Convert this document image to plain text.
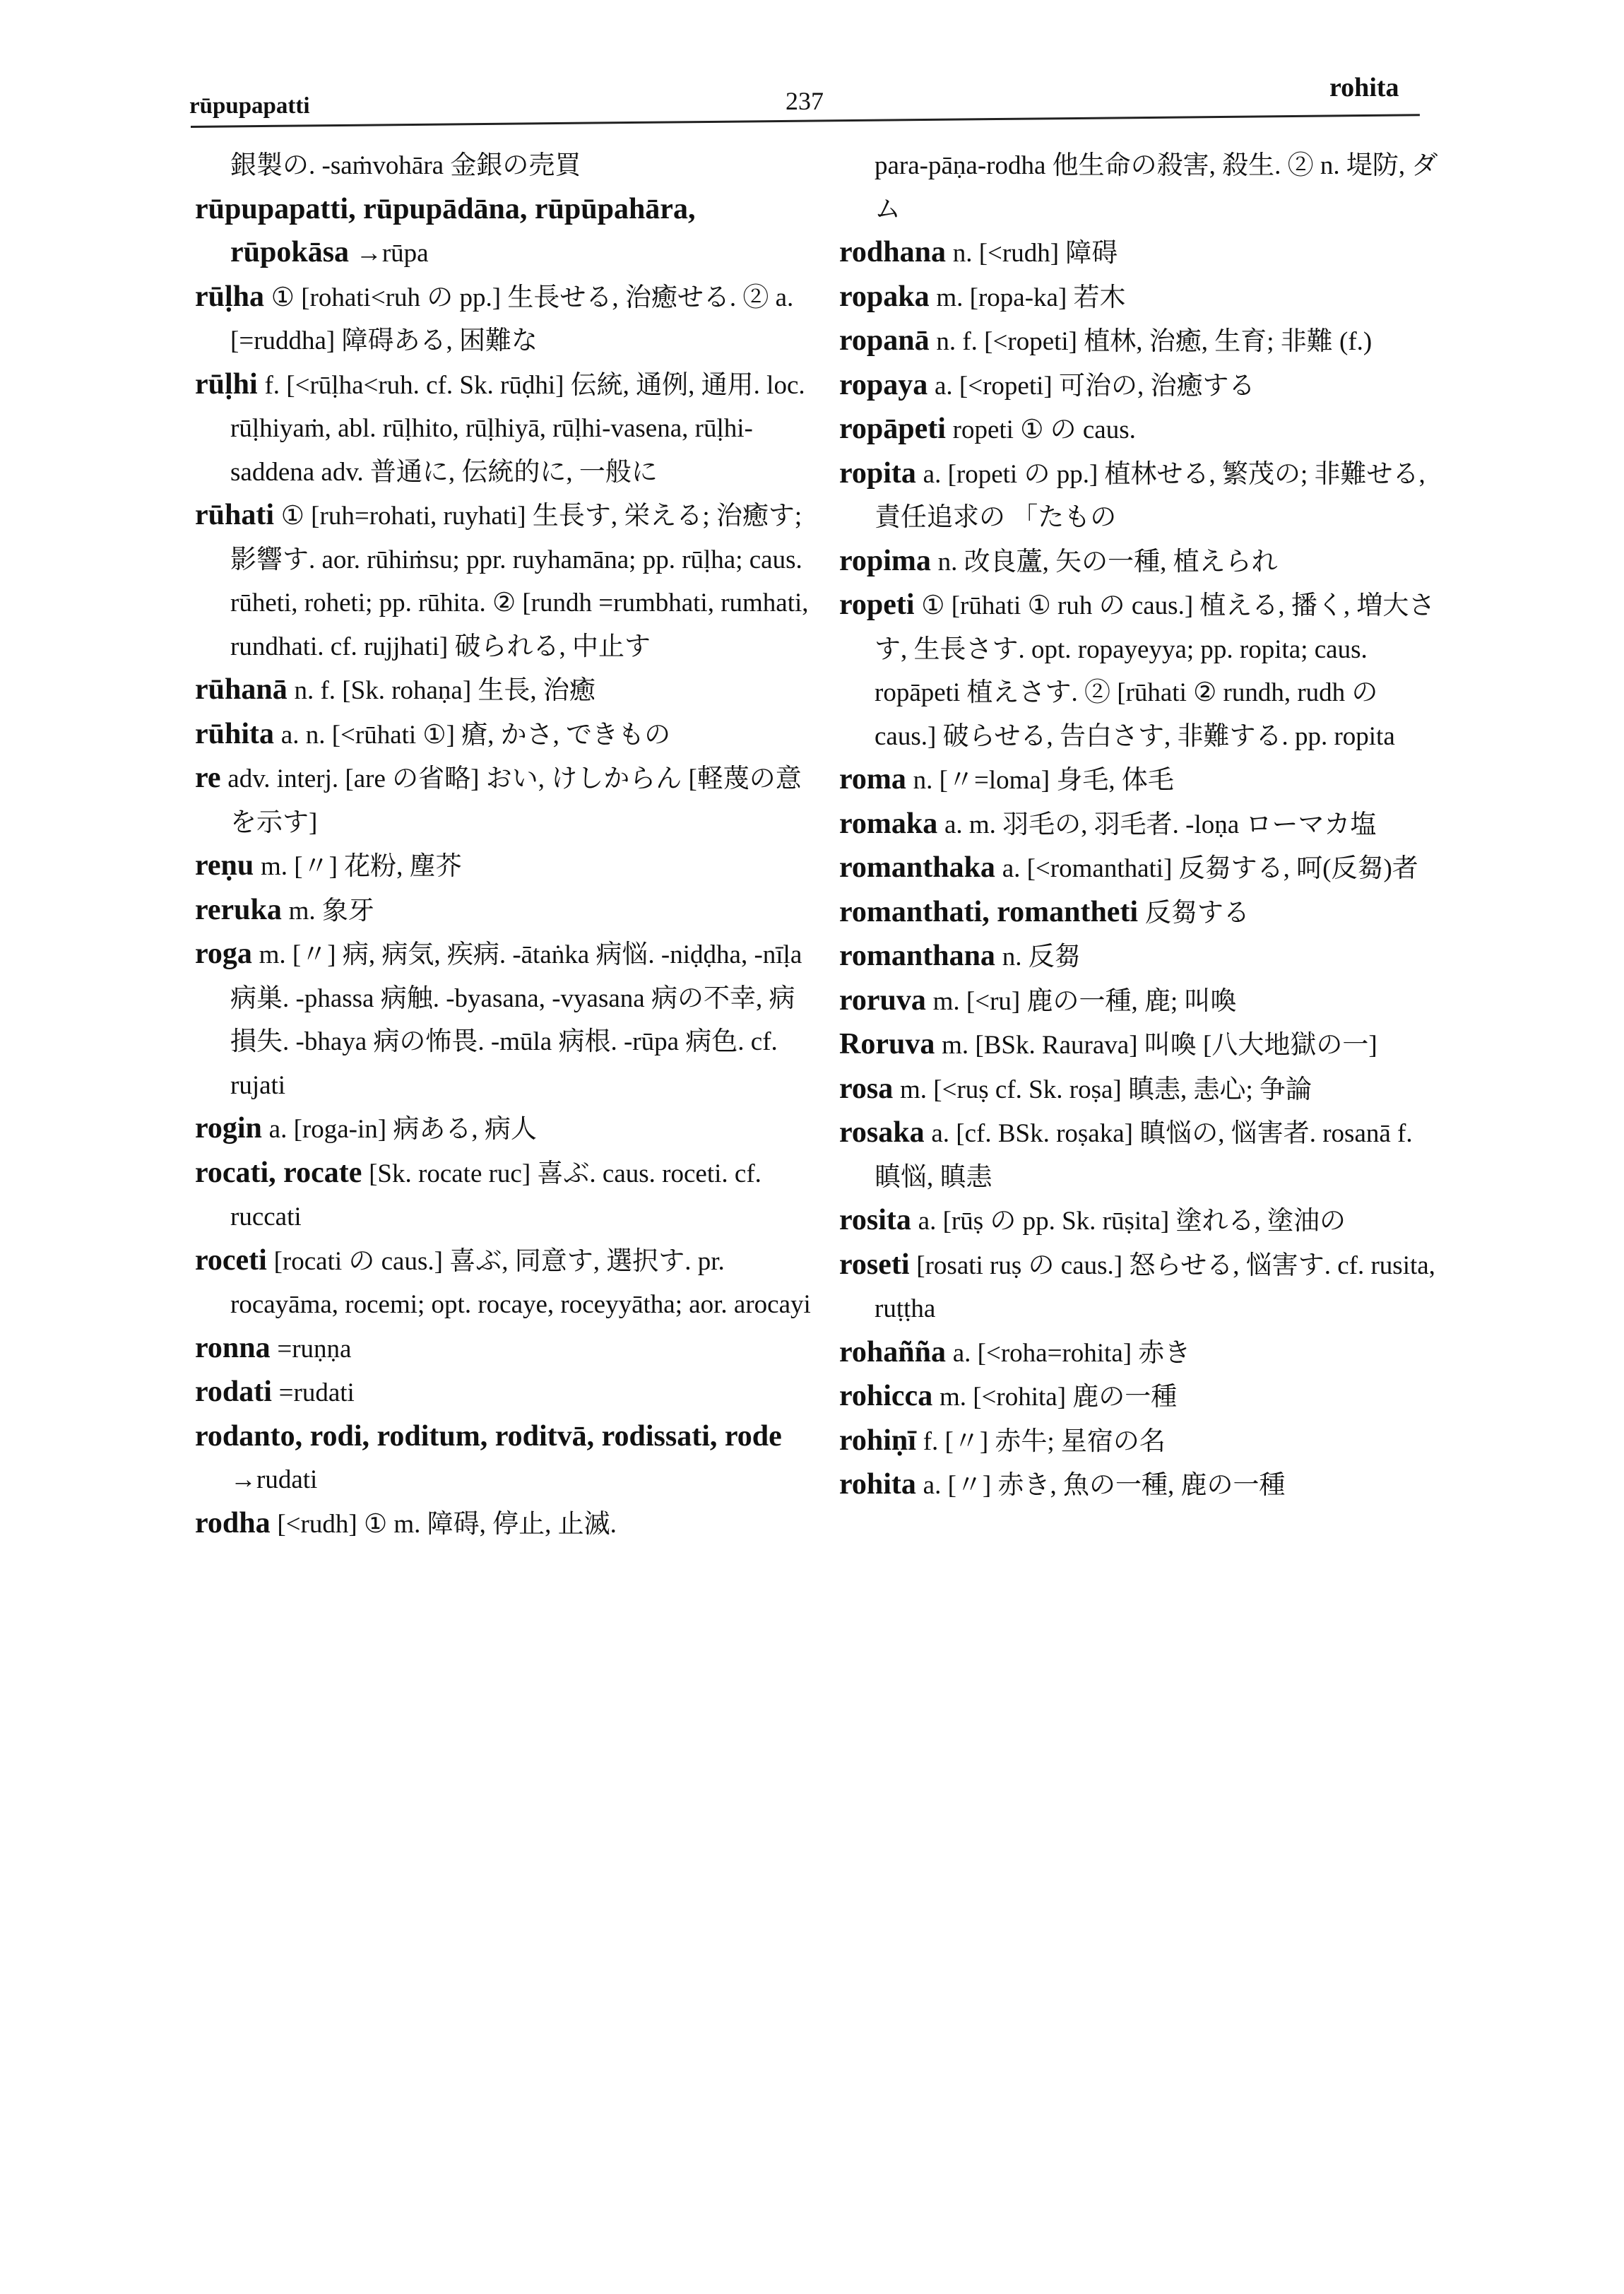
rūpupapatti	237	rohita

銀製の. -saṁvohāra 金銀の売買

rūpupapatti, rūpupādāna, rūpūpahāra, rūpokāsa →rūpa

rūḷha ① [rohati<ruh の pp.] 生長せる, 治癒せる. ② a. [=ruddha] 障碍ある, 困難な

rūḷhi f. [<rūḷha<ruh. cf. Sk. rūḍhi] 伝統, 通例, 通用. loc. rūḷhiyaṁ, abl. rūḷhito, rūḷhiyā, rūḷhi-vasena, rūḷhi-saddena adv. 普通に, 伝統的に, 一般に

rūhati ① [ruh=rohati, ruyhati] 生長す, 栄える; 治癒す; 影響す. aor. rūhiṁsu; ppr. ruyhamāna; pp. rūḷha; caus. rūheti, roheti; pp. rūhita. ② [rundh =rumbhati, rumhati, rundhati. cf. rujjhati] 破られる, 中止す

rūhanā n. f. [Sk. rohaṇa] 生長, 治癒

rūhita a. n. [<rūhati ①] 瘡, かさ, できもの

re adv. interj. [are の省略] おい, けしからん [軽蔑の意を示す]

reṇu m. [〃] 花粉, 塵芥

reruka m. 象牙

roga m. [〃] 病, 病気, 疾病. -ātaṅka 病悩. -niḍḍha, -nīḷa 病巣. -phassa 病触. -byasana, -vyasana 病の不幸, 病損失. -bhaya 病の怖畏. -mūla 病根. -rūpa 病色. cf. rujati

rogin a. [roga-in] 病ある, 病人

rocati, rocate [Sk. rocate ruc] 喜ぶ. caus. roceti. cf. ruccati

roceti [rocati の caus.] 喜ぶ, 同意す, 選択す. pr. rocayāma, rocemi; opt. rocaye, roceyyātha; aor. arocayi

ronna =ruṇṇa

rodati =rudati

rodanto, rodi, roditum, roditvā, rodissati, rode →rudati

rodha [<rudh] ① m. 障碍, 停止, 止滅.

para-pāṇa-rodha 他生命の殺害, 殺生. ② n. 堤防, ダム

rodhana n. [<rudh] 障碍

ropaka m. [ropa-ka] 若木

ropanā n. f. [<ropeti] 植林, 治癒, 生育; 非難 (f.)

ropaya a. [<ropeti] 可治の, 治癒する

ropāpeti ropeti ① の caus.

ropita a. [ropeti の pp.] 植林せる, 繁茂の; 非難せる, 責任追求の 「たもの

ropima n. 改良蘆, 矢の一種, 植えられ

ropeti ① [rūhati ① ruh の caus.] 植える, 播く, 増大さす, 生長さす. opt. ropayeyya; pp. ropita; caus. ropāpeti 植えさす. ② [rūhati ② rundh, rudh の caus.] 破らせる, 告白さす, 非難する. pp. ropita

roma n. [〃=loma] 身毛, 体毛

romaka a. m. 羽毛の, 羽毛者. -loṇa ローマカ塩

romanthaka a. [<romanthati] 反芻する, 呵(反芻)者

romanthati, romantheti 反芻する

romanthana n. 反芻

roruva m. [<ru] 鹿の一種, 鹿; 叫喚

Roruva m. [BSk. Raurava] 叫喚 [八大地獄の一]

rosa m. [<ruṣ cf. Sk. roṣa] 瞋恚, 恚心; 争論

rosaka a. [cf. BSk. roṣaka] 瞋悩の, 悩害者. rosanā f. 瞋悩, 瞋恚

rosita a. [rūṣ の pp. Sk. rūṣita] 塗れる, 塗油の

roseti [rosati ruṣ の caus.] 怒らせる, 悩害す. cf. rusita, ruṭṭha

rohañña a. [<roha=rohita] 赤き

rohicca m. [<rohita] 鹿の一種

rohiṇī f. [〃] 赤牛; 星宿の名

rohita a. [〃] 赤き, 魚の一種, 鹿の一種
